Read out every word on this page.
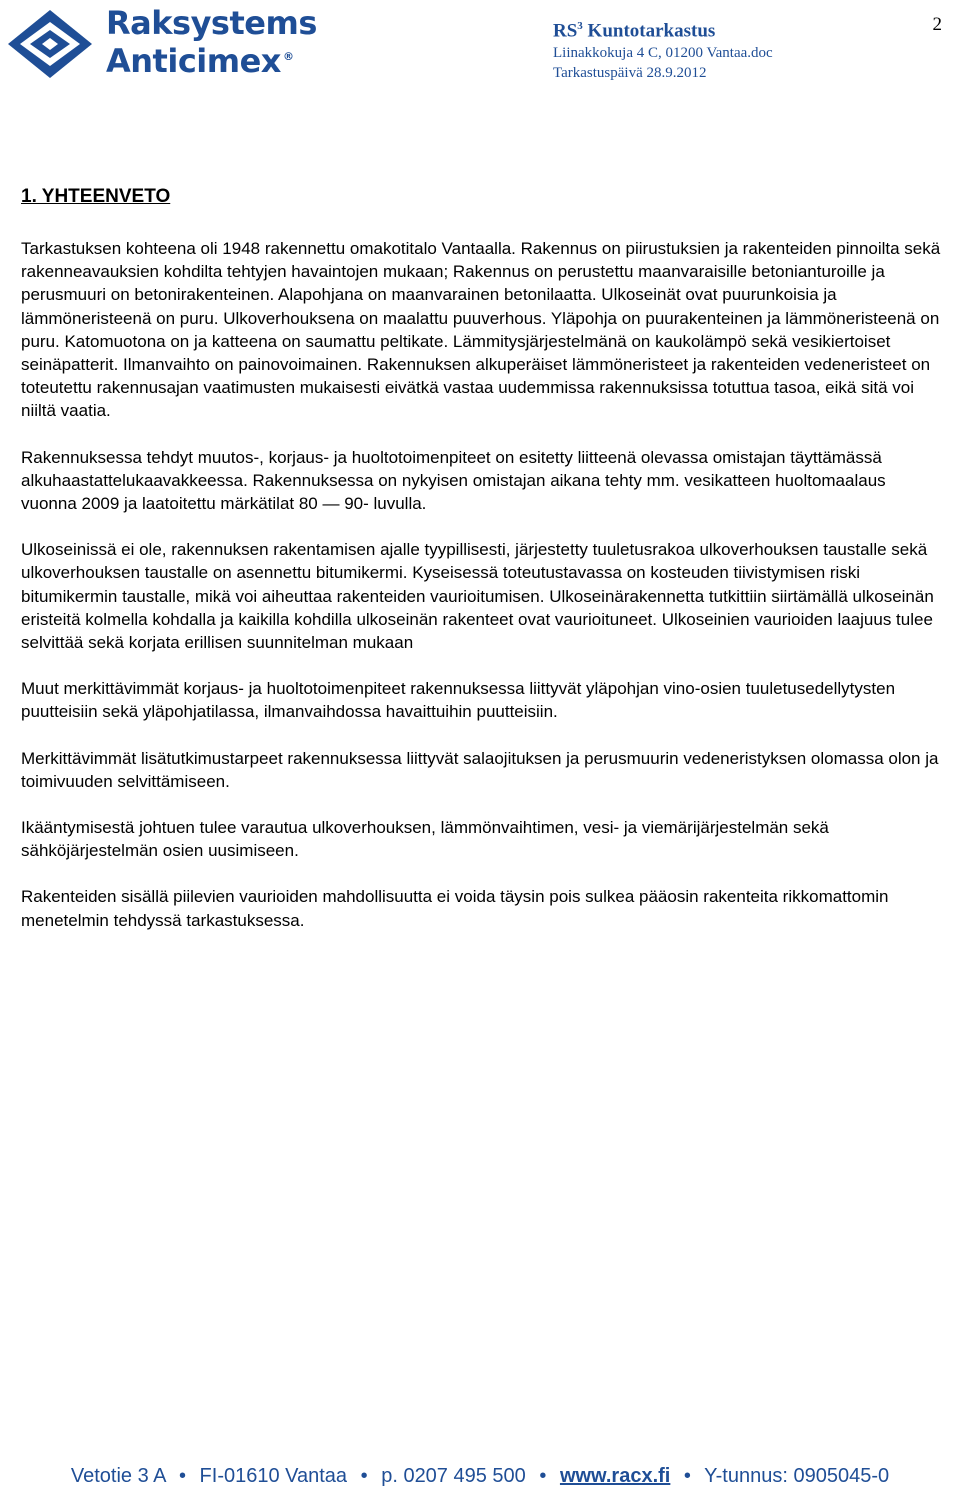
Raksystems
Anticimex ®
$RS^3$ Kuntotarkastus
Liinakkokuja 4 C, 01200 Vantaa.doc
Tarkastuspäivä 28.9.2012
2
1. YHTEENVETO

Tarkastuksen kohteena oli 1948 rakennettu omakotitalo Vantaalla. Rakennus on piirustuksien ja rakenteiden pinnoilta sekä rakenneavauksien kohdilta tehtyjen havaintojen mukaan; Rakennus on perustettu maanvaraisille betonianturoille ja perusmuuri on betonirakenteinen. Alapohjana on maanvarainen betonilaatta. Ulkoseinät ovat puurunkoisia ja lämmöneristeenä on puru. Ulkoverhouksena on maalattu puuverhous. Yläpohja on puurakenteinen ja lämmöneristeenä on puru. Katomuotona on ja katteena on saumattu peltikate. Lämmitysjärjestelmänä on kaukolämpö sekä vesikiertoiset seinäpatterit. Ilmanvaihto on painovoimainen. Rakennuksen alkuperäiset lämmöneristeet ja rakenteiden vedeneristeet on toteutettu rakennusajan vaatimusten mukaisesti eivätkä vastaa uudemmissa rakennuksissa totuttua tasoa, eikä sitä voi niiltä vaatia.

Rakennuksessa tehdyt muutos-, korjaus- ja huoltotoimenpiteet on esitetty liitteenä olevassa omistajan täyttämässä alkuhaastattelukaavakkeessa. Rakennuksessa on nykyisen omistajan aikana tehty mm. vesikatteen huoltomaalaus vuonna 2009 ja laatoitettu märkätilat 80 — 90- luvulla.

Ulkoseinissä ei ole, rakennuksen rakentamisen ajalle tyypillisesti, järjestetty tuuletusrakoa ulkoverhouksen taustalle sekä ulkoverhouksen taustalle on asennettu bitumikermi. Kyseisessä toteutustavassa on kosteuden tiivistymisen riski bitumikermin taustalle, mikä voi aiheuttaa rakenteiden vaurioitumisen. Ulkoseinärakennetta tutkittiin siirtämällä ulkoseinän eristeitä kolmella kohdalla ja kaikilla kohdilla ulkoseinän rakenteet ovat vaurioituneet. Ulkoseinien vaurioiden laajuus tulee selvittää sekä korjata erillisen suunnitelman mukaan

Muut merkittävimmät korjaus- ja huoltotoimenpiteet rakennuksessa liittyvät yläpohjan vino-osien tuuletusedellytysten puutteisiin sekä yläpohjatilassa, ilmanvaihdossa havaittuihin puutteisiin.

Merkittävimmät lisätutkimustarpeet rakennuksessa liittyvät salaojituksen ja perusmuurin vedeneristyksen olomassa olon ja toimivuuden selvittämiseen.

Ikääntymisestä johtuen tulee varautua ulkoverhouksen, lämmönvaihtimen, vesi- ja viemärijärjestelmän sekä sähköjärjestelmän osien uusimiseen.

Rakenteiden sisällä piilevien vaurioiden mahdollisuutta ei voida täysin pois sulkea pääosin rakenteita rikkomattomin menetelmin tehdyssä tarkastuksessa.

Vetotie 3 A • FI-01610 Vantaa • p. 0207 495 500 • www.racx.fi • Y-tunnus: 0905045-0
